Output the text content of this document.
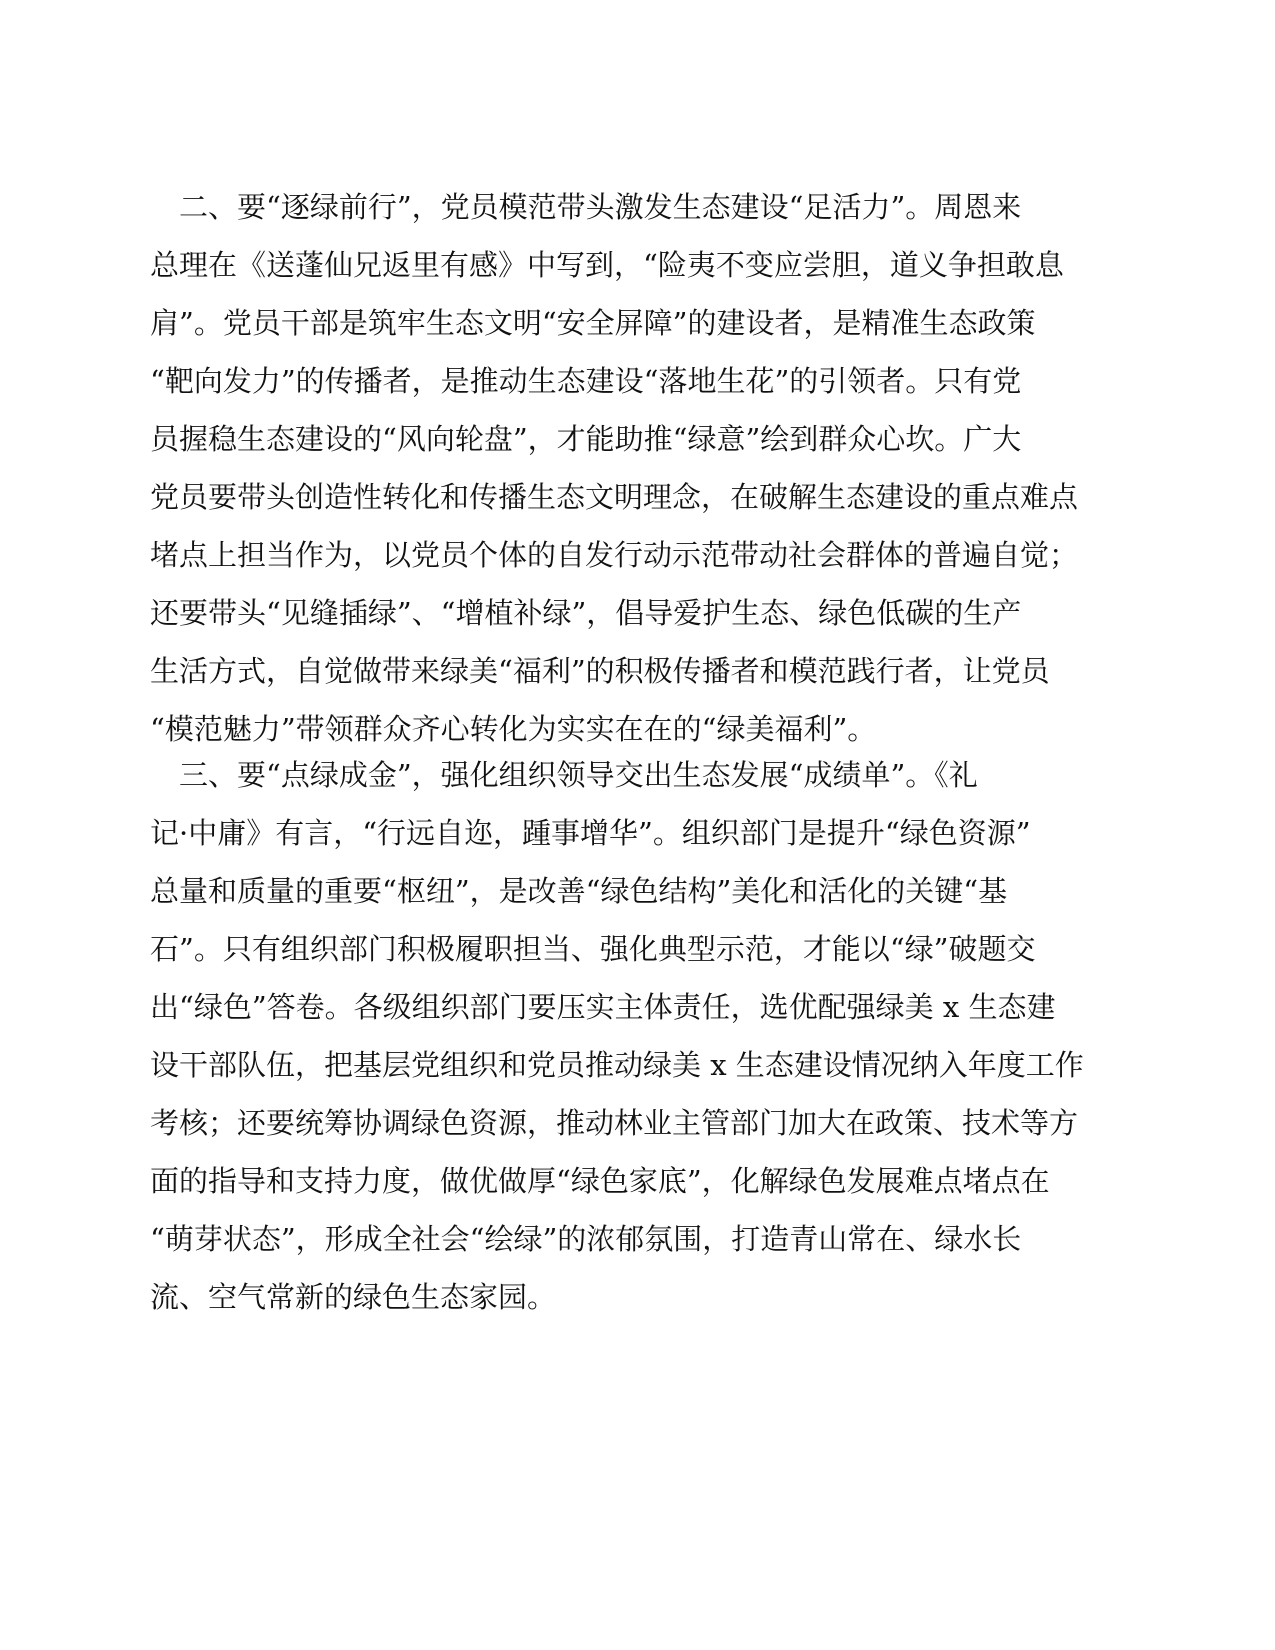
　二、要“逐绿前行”，党员模范带头激发生态建设“足活力”。周恩来
总理在《送蓬仙兄返里有感》中写到，“险夷不变应尝胆，道义争担敢息
肩”。党员干部是筑牢生态文明“安全屏障”的建设者，是精准生态政策
“靶向发力”的传播者，是推动生态建设“落地生花”的引领者。只有党
员握稳生态建设的“风向轮盘”，才能助推“绿意”绘到群众心坎。广大
党员要带头创造性转化和传播生态文明理念，在破解生态建设的重点难点
堵点上担当作为，以党员个体的自发行动示范带动社会群体的普遍自觉；
还要带头“见缝插绿”、“增植补绿”，倡导爱护生态、绿色低碳的生产
生活方式，自觉做带来绿美“福利”的积极传播者和模范践行者，让党员
“模范魅力”带领群众齐心转化为实实在在的“绿美福利”。
　三、要“点绿成金”，强化组织领导交出生态发展“成绩单”。《礼
记·中庸》有言，“行远自迩，踵事增华”。组织部门是提升“绿色资源”
总量和质量的重要“枢纽”，是改善“绿色结构”美化和活化的关键“基
石”。只有组织部门积极履职担当、强化典型示范，才能以“绿”破题交
出“绿色”答卷。各级组织部门要压实主体责任，选优配强绿美 x 生态建
设干部队伍，把基层党组织和党员推动绿美 x 生态建设情况纳入年度工作
考核；还要统筹协调绿色资源，推动林业主管部门加大在政策、技术等方
面的指导和支持力度，做优做厚“绿色家底”，化解绿色发展难点堵点在
“萌芽状态”，形成全社会“绘绿”的浓郁氛围，打造青山常在、绿水长
流、空气常新的绿色生态家园。
